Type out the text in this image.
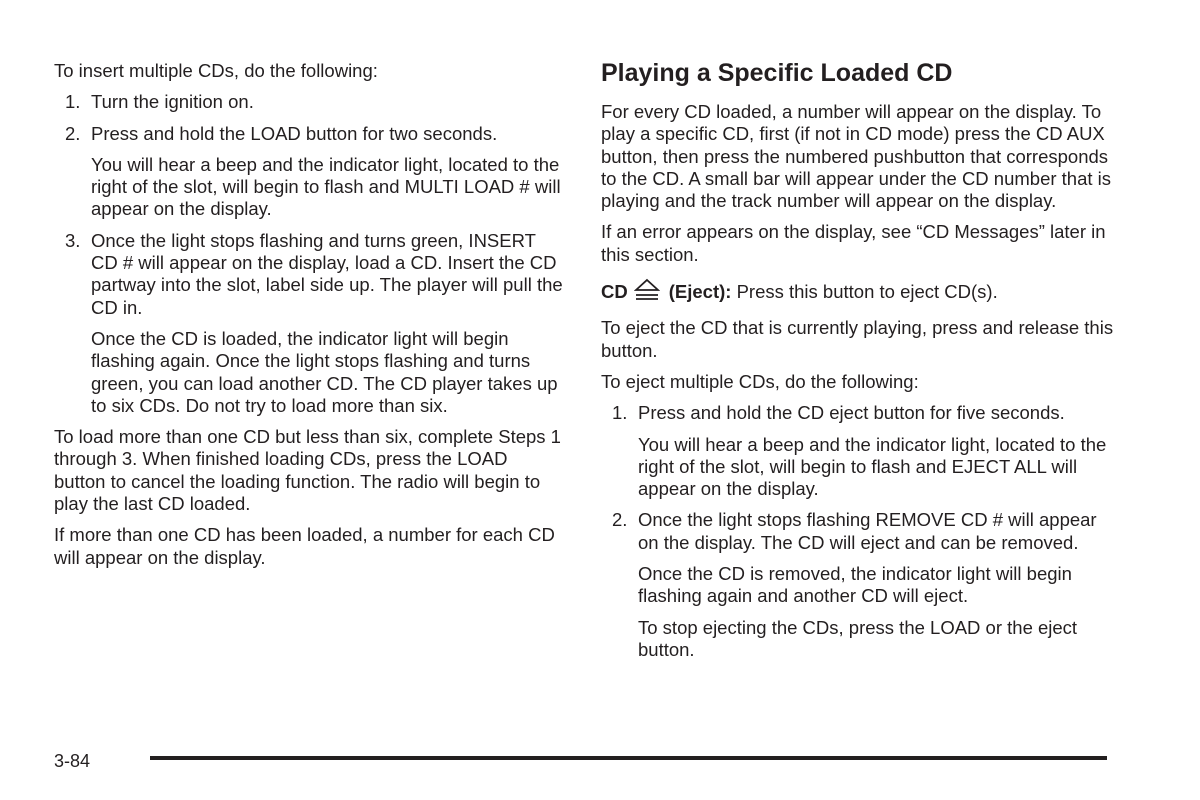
To insert multiple CDs, do the following:

1. Turn the ignition on.
2. Press and hold the LOAD button for two seconds.

You will hear a beep and the indicator light, located to the right of the slot, will begin to flash and MULTI LOAD # will appear on the display.

3. Once the light stops flashing and turns green, INSERT CD # will appear on the display, load a CD. Insert the CD partway into the slot, label side up. The player will pull the CD in.

Once the CD is loaded, the indicator light will begin flashing again. Once the light stops flashing and turns green, you can load another CD. The CD player takes up to six CDs. Do not try to load more than six.

To load more than one CD but less than six, complete Steps 1 through 3. When finished loading CDs, press the LOAD button to cancel the loading function. The radio will begin to play the last CD loaded.

If more than one CD has been loaded, a number for each CD will appear on the display.

Playing a Specific Loaded CD

For every CD loaded, a number will appear on the display. To play a specific CD, first (if not in CD mode) press the CD AUX button, then press the numbered pushbutton that corresponds to the CD. A small bar will appear under the CD number that is playing and the track number will appear on the display.

If an error appears on the display, see “CD Messages” later in this section.

CD (Eject): Press this button to eject CD(s).

To eject the CD that is currently playing, press and release this button.

To eject multiple CDs, do the following:

1. Press and hold the CD eject button for five seconds.

You will hear a beep and the indicator light, located to the right of the slot, will begin to flash and EJECT ALL will appear on the display.

2. Once the light stops flashing REMOVE CD # will appear on the display. The CD will eject and can be removed.

Once the CD is removed, the indicator light will begin flashing again and another CD will eject.

To stop ejecting the CDs, press the LOAD or the eject button.

3-84
